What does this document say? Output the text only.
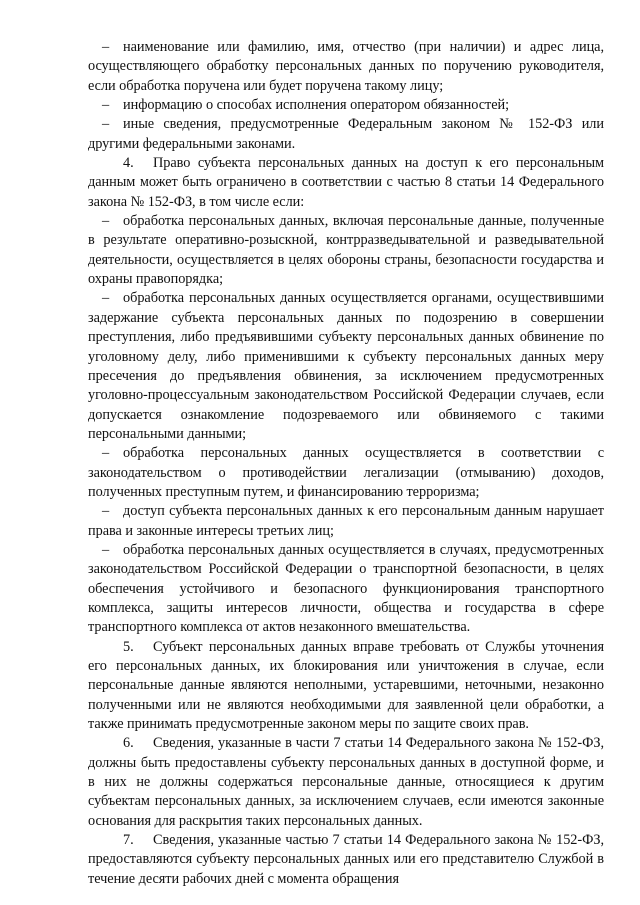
– наименование или фамилию, имя, отчество (при наличии) и адрес лица, осуществляющего обработку персональных данных по поручению руководителя, если обработка поручена или будет поручена такому лицу;

– информацию о способах исполнения оператором обязанностей;

– иные сведения, предусмотренные Федеральным законом № 152-ФЗ или другими федеральными законами.

4. Право субъекта персональных данных на доступ к его персональным данным может быть ограничено в соответствии с частью 8 статьи 14 Федерального закона № 152-ФЗ, в том числе если:

– обработка персональных данных, включая персональные данные, полученные в результате оперативно-розыскной, контрразведывательной и разведывательной деятельности, осуществляется в целях обороны страны, безопасности государства и охраны правопорядка;

– обработка персональных данных осуществляется органами, осуществившими задержание субъекта персональных данных по подозрению в совершении преступления, либо предъявившими субъекту персональных данных обвинение по уголовному делу, либо применившими к субъекту персональных данных меру пресечения до предъявления обвинения, за исключением предусмотренных уголовно-процессуальным законодательством Российской Федерации случаев, если допускается ознакомление подозреваемого или обвиняемого с такими персональными данными;

– обработка персональных данных осуществляется в соответствии с законодательством о противодействии легализации (отмыванию) доходов, полученных преступным путем, и финансированию терроризма;

– доступ субъекта персональных данных к его персональным данным нарушает права и законные интересы третьих лиц;

– обработка персональных данных осуществляется в случаях, предусмотренных законодательством Российской Федерации о транспортной безопасности, в целях обеспечения устойчивого и безопасного функционирования транспортного комплекса, защиты интересов личности, общества и государства в сфере транспортного комплекса от актов незаконного вмешательства.

5. Субъект персональных данных вправе требовать от Службы уточнения его персональных данных, их блокирования или уничтожения в случае, если персональные данные являются неполными, устаревшими, неточными, незаконно полученными или не являются необходимыми для заявленной цели обработки, а также принимать предусмотренные законом меры по защите своих прав.

6. Сведения, указанные в части 7 статьи 14 Федерального закона № 152-ФЗ, должны быть предоставлены субъекту персональных данных в доступной форме, и в них не должны содержаться персональные данные, относящиеся к другим субъектам персональных данных, за исключением случаев, если имеются законные основания для раскрытия таких персональных данных.

7. Сведения, указанные частью 7 статьи 14 Федерального закона № 152-ФЗ, предоставляются субъекту персональных данных или его представителю Службой в течение десяти рабочих дней с момента обращения
